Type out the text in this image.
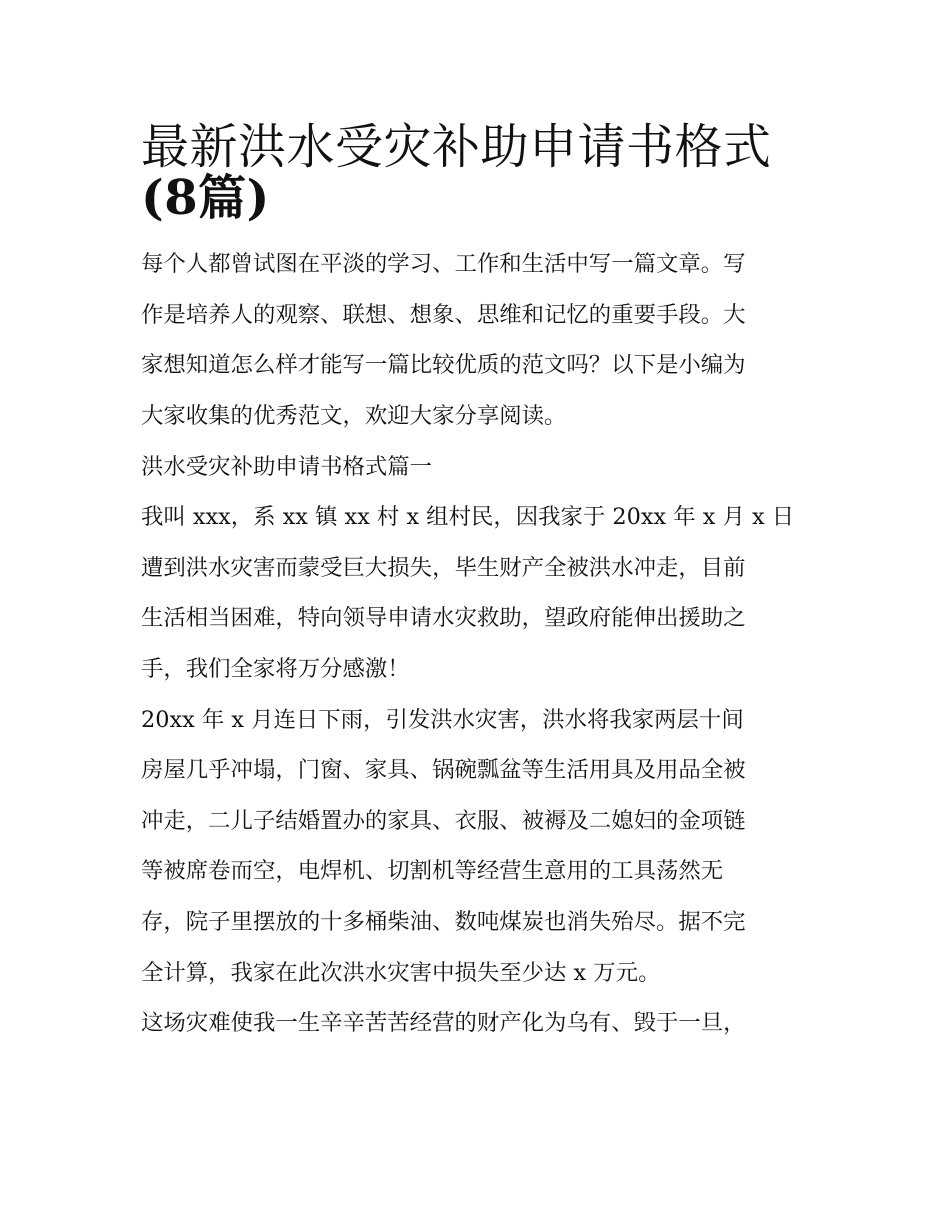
最新洪水受灾补助申请书格式
(8篇)
每个人都曾试图在平淡的学习、工作和生活中写一篇文章。写
作是培养人的观察、联想、想象、思维和记忆的重要手段。大
家想知道怎么样才能写一篇比较优质的范文吗？以下是小编为
大家收集的优秀范文，欢迎大家分享阅读。
洪水受灾补助申请书格式篇一
我叫 xxx，系 xx 镇 xx 村 x 组村民，因我家于 20xx 年 x 月 x 日
遭到洪水灾害而蒙受巨大损失，毕生财产全被洪水冲走，目前
生活相当困难，特向领导申请水灾救助，望政府能伸出援助之
手，我们全家将万分感激！
20xx 年 x 月连日下雨，引发洪水灾害，洪水将我家两层十间
房屋几乎冲塌，门窗、家具、锅碗瓢盆等生活用具及用品全被
冲走，二儿子结婚置办的家具、衣服、被褥及二媳妇的金项链
等被席卷而空，电焊机、切割机等经营生意用的工具荡然无
存，院子里摆放的十多桶柴油、数吨煤炭也消失殆尽。据不完
全计算，我家在此次洪水灾害中损失至少达 x 万元。
这场灾难使我一生辛辛苦苦经营的财产化为乌有、毁于一旦，
